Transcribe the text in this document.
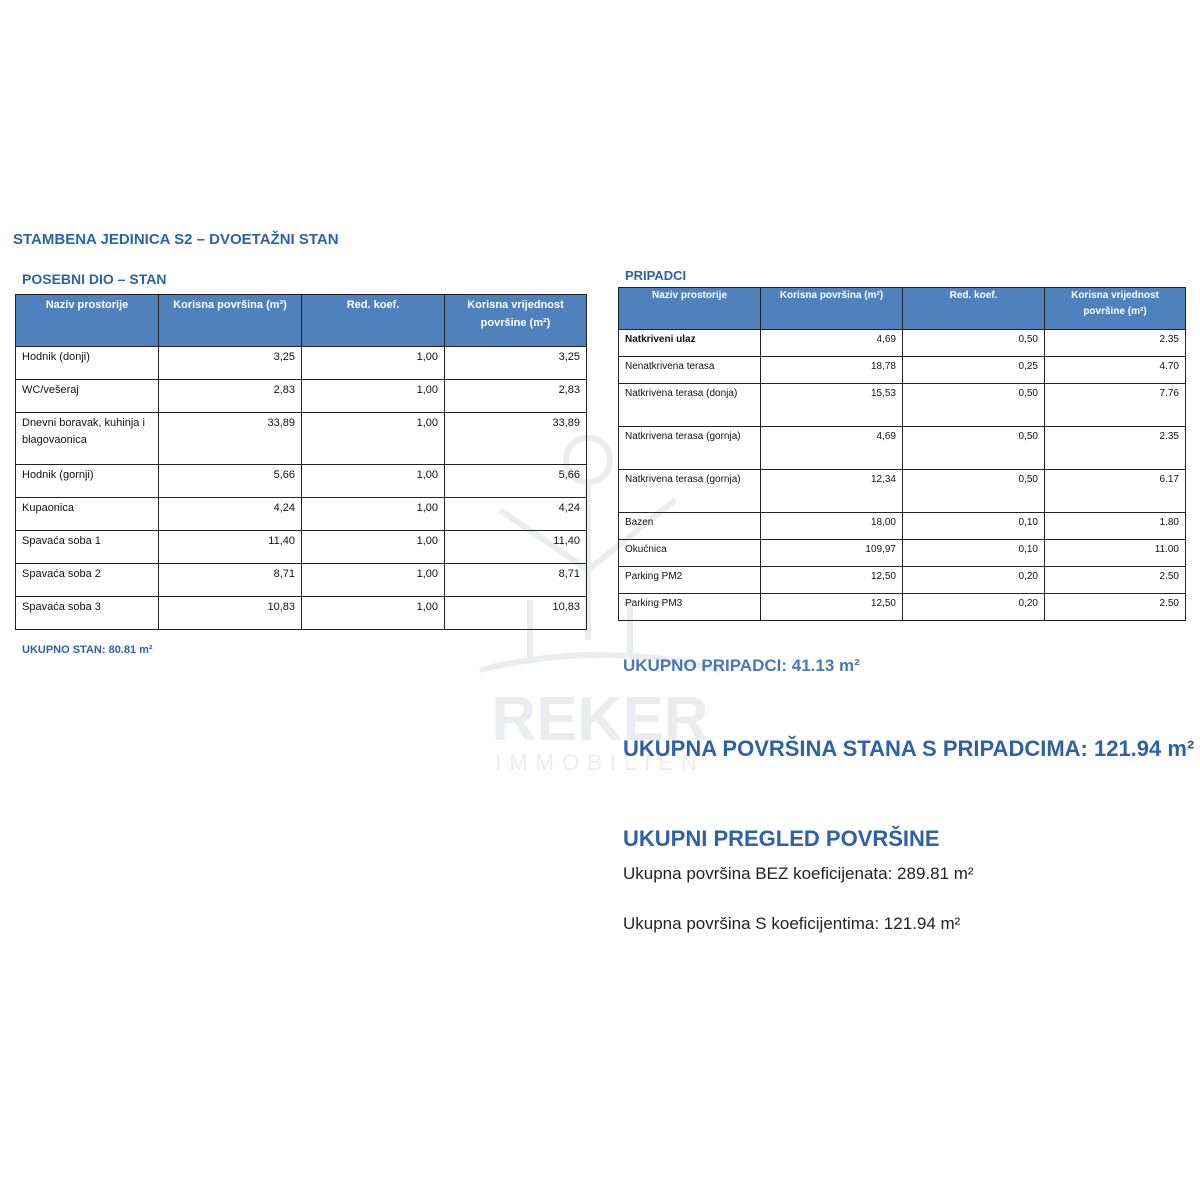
STAMBENA JEDINICA S2 – DVOETAŽNI STAN
POSEBNI DIO – STAN	PRIPADCI
Naziv prostorije	Korisna površina (m²)	Red. koef.	Korisna vrijednost površine (m²)
Hodnik (donji)	3,25	1,00	3,25
WC/vešeraj	2,83	1,00	2,83
Dnevni boravak, kuhinja i blagovaonica	33,89	1,00	33,89
Hodnik (gornji)	5,66	1,00	5,66
Kupaonica	4,24	1,00	4,24
Spavaća soba 1	11,40	1,00	11,40
Spavaća soba 2	8,71	1,00	8,71
Spavaća soba 3	10,83	1,00	10,83
UKUPNO STAN: 80.81 m²
Naziv prostorije	Korisna površina (m²)	Red. koef.	Korisna vrijednost površine (m²)
Natkriveni ulaz	4,69	0,50	2.35
Nenatkrivena terasa	18,78	0,25	4.70
Natkrivena terasa (donja)	15,53	0,50	7.76
Natkrivena terasa (gornja)	4,69	0,50	2.35
Natkrivena terasa (gornja)	12,34	0,50	6.17
Bazen	18,00	0,10	1.80
Okućnica	109,97	0,10	11.00
Parking PM2	12,50	0,20	2.50
Parking PM3	12,50	0,20	2.50
UKUPNO PRIPADCI: 41.13 m²
UKUPNA POVRŠINA STANA S PRIPADCIMA: 121.94 m²
UKUPNI PREGLED POVRŠINE
Ukupna površina BEZ koeficijenata: 289.81 m²
Ukupna površina S koeficijentima: 121.94 m²
REKER
IMMOBILIEN
